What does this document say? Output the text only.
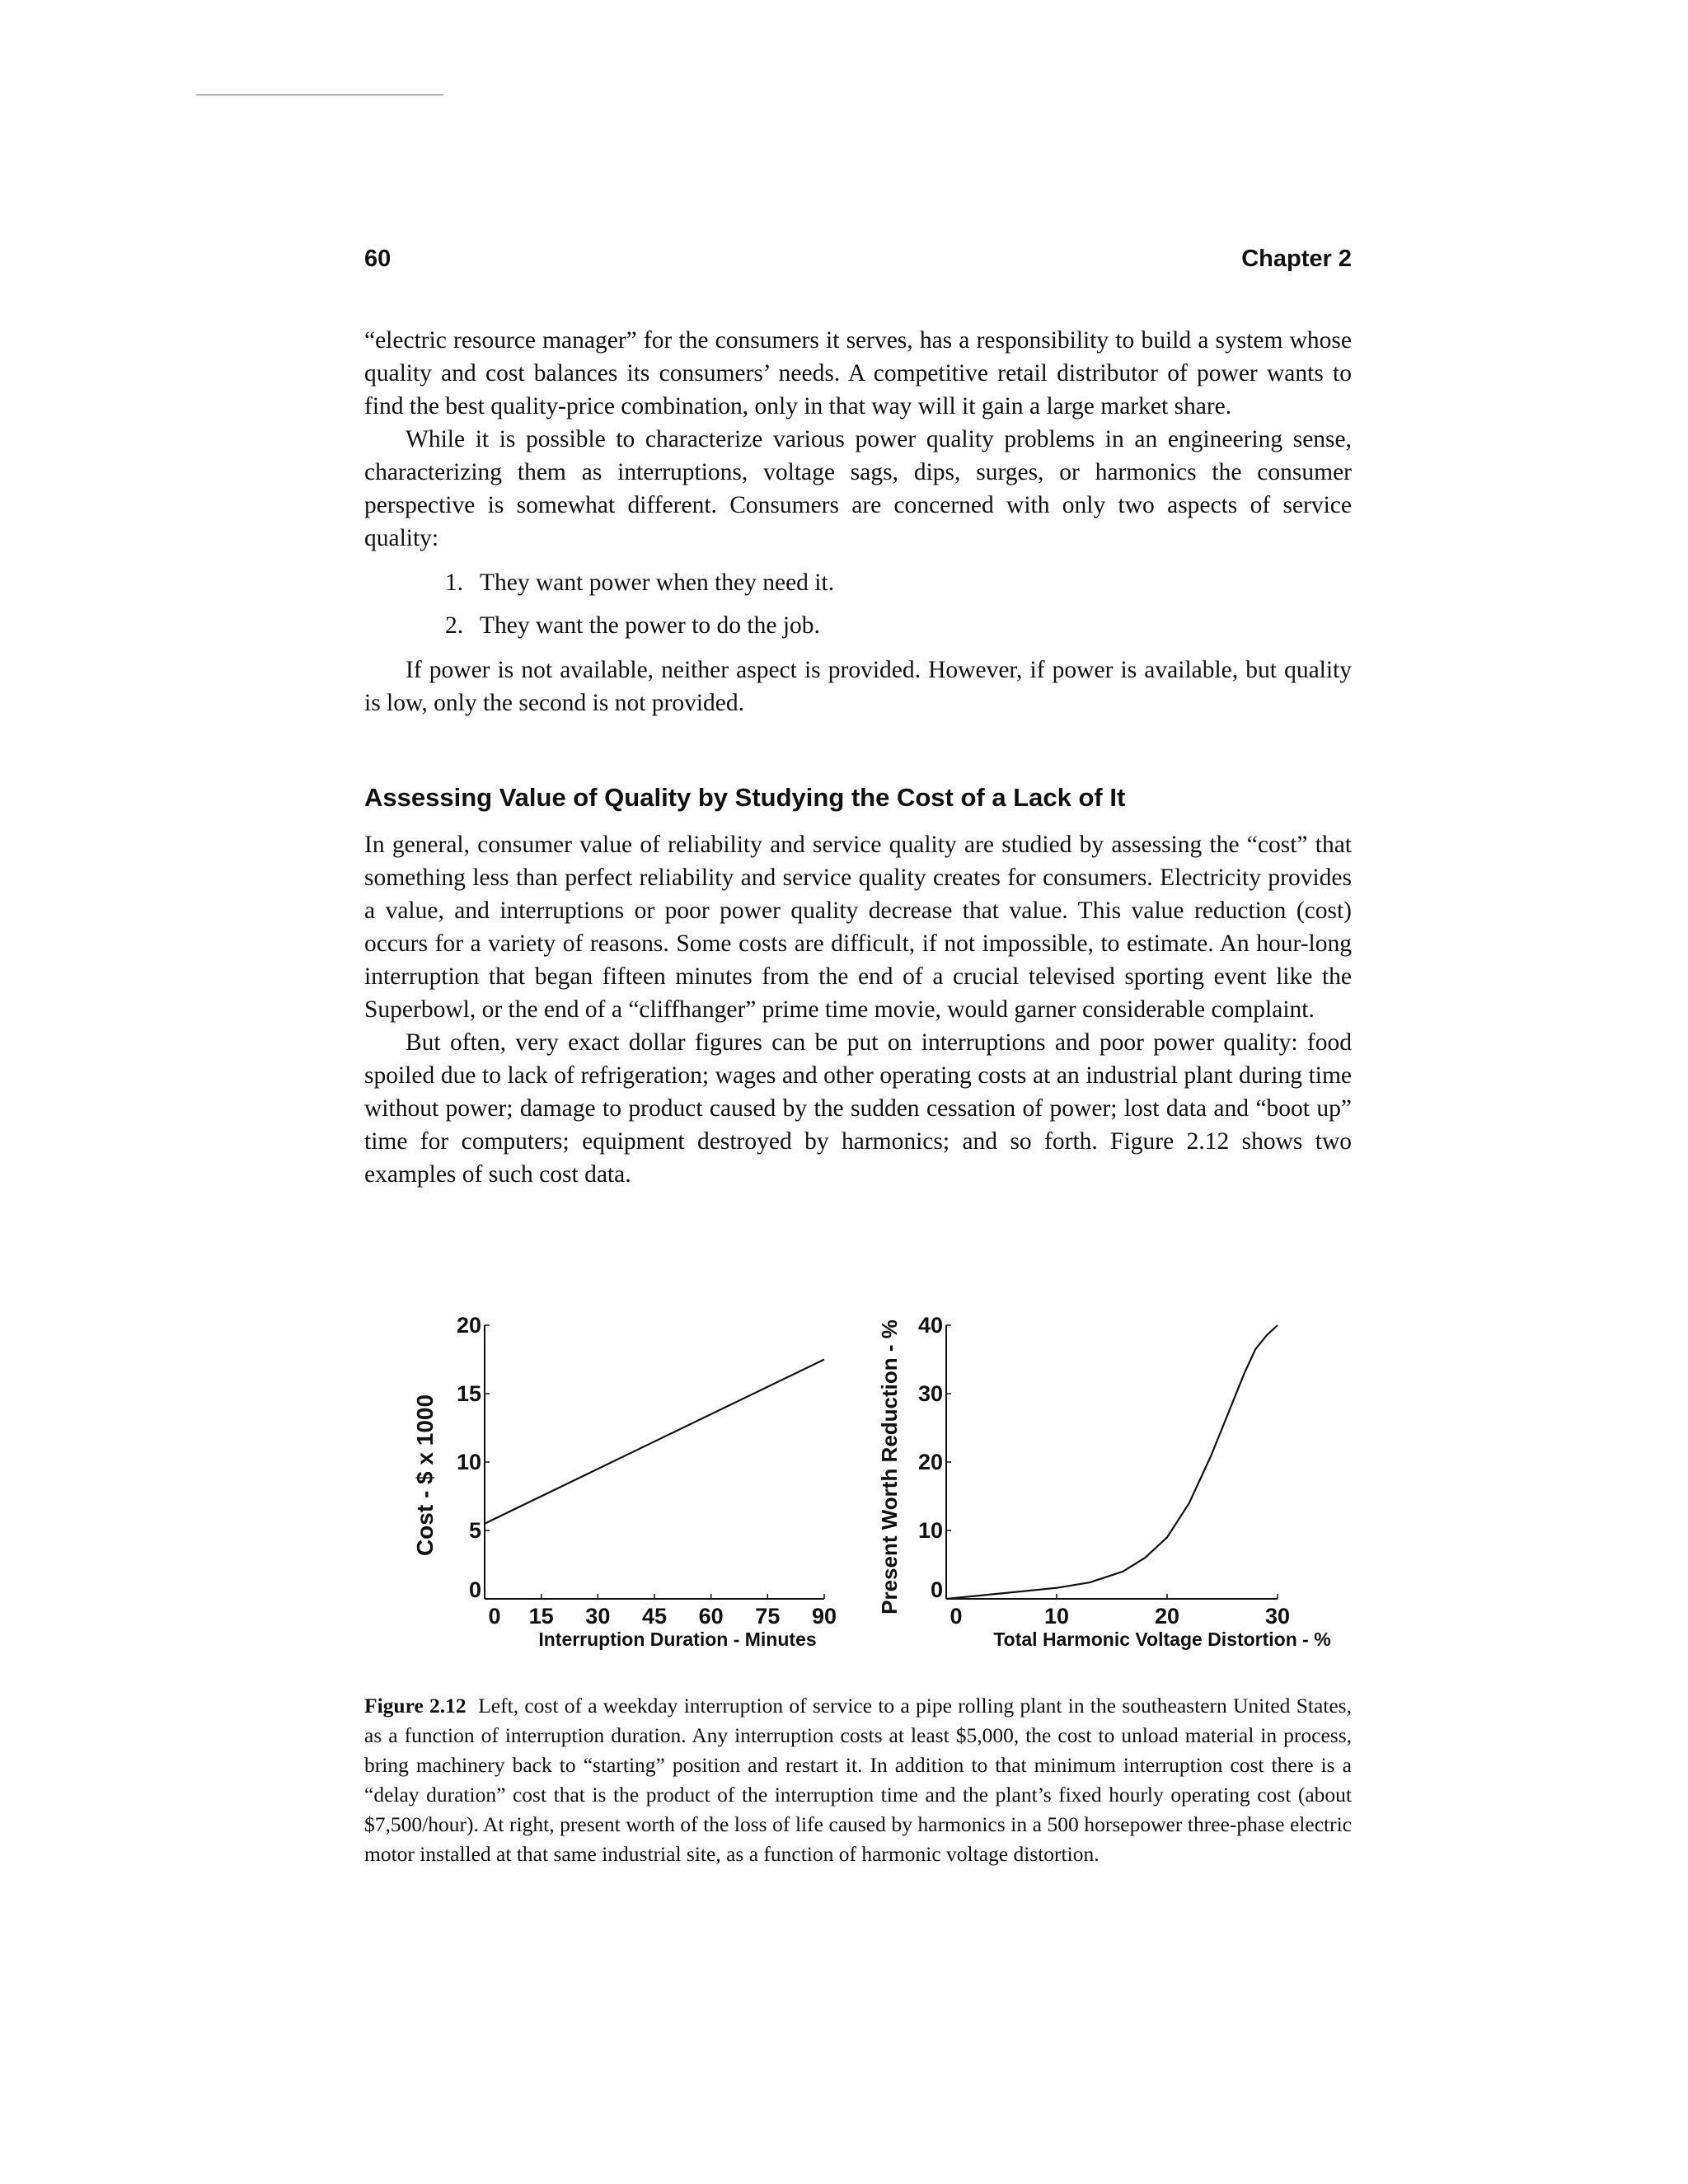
60	Chapter 2

“electric resource manager” for the consumers it serves, has a responsibility to build a system whose quality and cost balances its consumers’ needs. A competitive retail distributor of power wants to find the best quality-price combination, only in that way will it gain a large market share.

While it is possible to characterize various power quality problems in an engineering sense, characterizing them as interruptions, voltage sags, dips, surges, or harmonics the consumer perspective is somewhat different. Consumers are concerned with only two aspects of service quality:

1. They want power when they need it.
2. They want the power to do the job.

If power is not available, neither aspect is provided. However, if power is available, but quality is low, only the second is not provided.

Assessing Value of Quality by Studying the Cost of a Lack of It

In general, consumer value of reliability and service quality are studied by assessing the “cost” that something less than perfect reliability and service quality creates for consumers. Electricity provides a value, and interruptions or poor power quality decrease that value. This value reduction (cost) occurs for a variety of reasons. Some costs are difficult, if not impossible, to estimate. An hour-long interruption that began fifteen minutes from the end of a crucial televised sporting event like the Superbowl, or the end of a “cliffhanger” prime time movie, would garner considerable complaint.

But often, very exact dollar figures can be put on interruptions and poor power quality: food spoiled due to lack of refrigeration; wages and other operating costs at an industrial plant during time without power; damage to product caused by the sudden cessation of power; lost data and “boot up” time for computers; equipment destroyed by harmonics; and so forth. Figure 2.12 shows two examples of such cost data.

Cost - $ x 1000
Interruption Duration - Minutes
0
5
10
15
20
0 15 30 45 60 75 90
Present Worth Reduction - %
Total Harmonic Voltage Distortion - %
0
10
20
30
40
0	10	20	30
Figure 2.12 Left, cost of a weekday interruption of service to a pipe rolling plant in the southeastern United States, as a function of interruption duration. Any interruption costs at least $5,000, the cost to unload material in process, bring machinery back to “starting” position and restart it. In addition to that minimum interruption cost there is a “delay duration” cost that is the product of the interruption time and the plant’s fixed hourly operating cost (about $7,500/hour). At right, present worth of the loss of life caused by harmonics in a 500 horsepower three-phase electric motor installed at that same industrial site, as a function of harmonic voltage distortion.
